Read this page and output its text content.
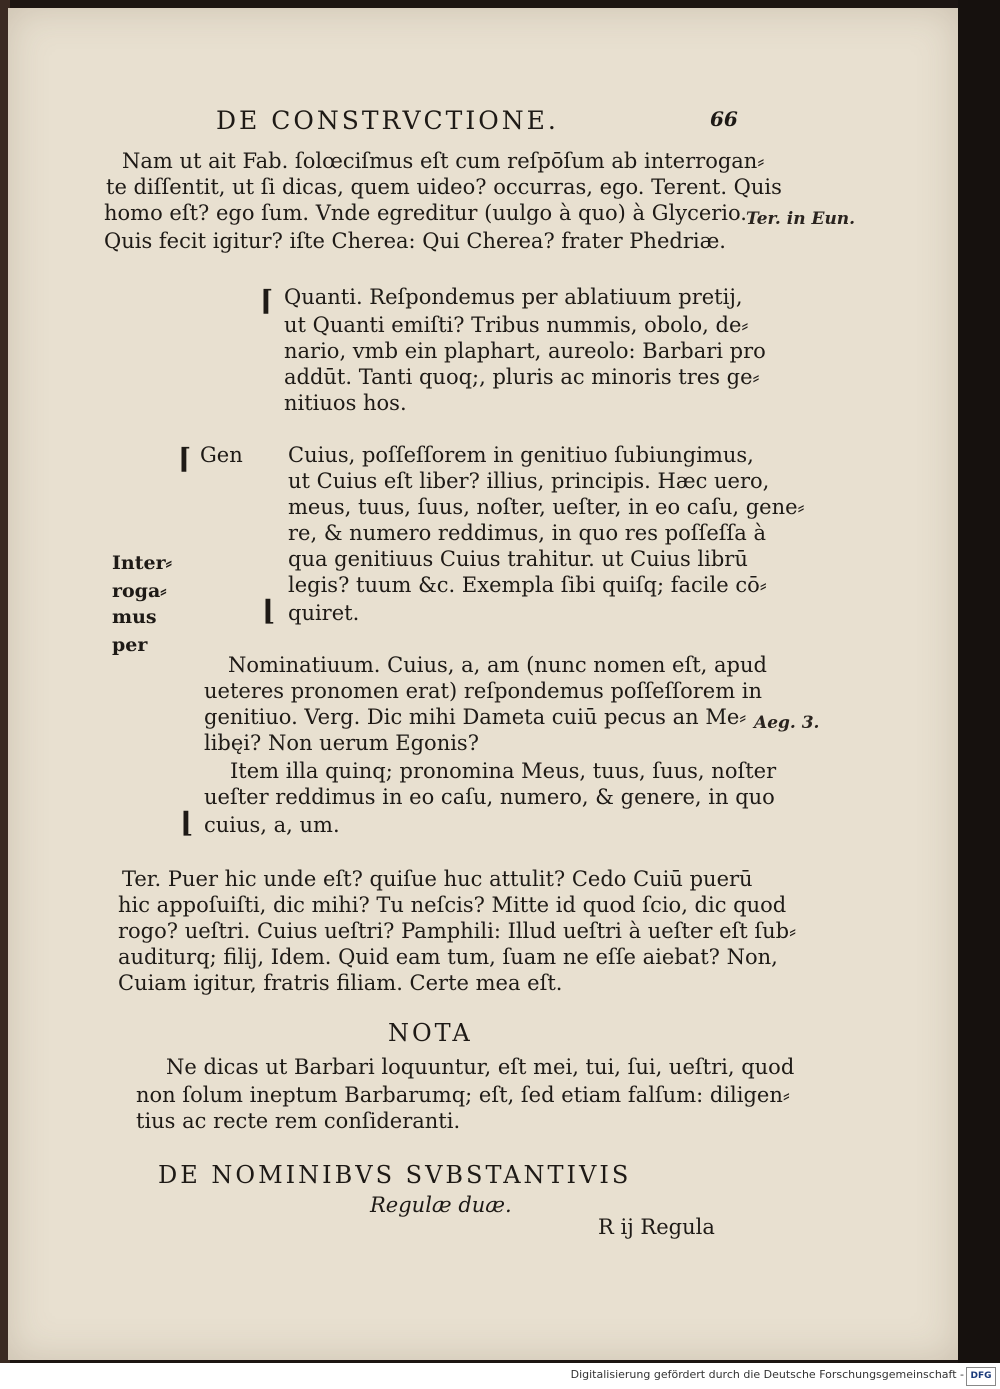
DE CONSTRVCTIONE.	66
Nam ut ait Fab. ſolœciſmus eſt cum reſpōſum ab interrogan⸗
te diſſentit, ut ſi dicas, quem uideo? occurras, ego. Terent. Quis
homo eſt? ego ſum. Vnde egreditur (uulgo à quo) à Glycerio.
Quis fecit igitur? iſte Cherea: Qui Cherea? frater Phedriæ.
Ter. in Eun.
⌈ Quanti. Reſpondemus per ablatiuum pretij,
ut Quanti emiſti? Tribus nummis, obolo, de⸗
nario, vmb ein plaphart, aureolo: Barbari pro
addūt. Tanti quoq;, pluris ac minoris tres ge⸗
nitiuos hos.
⌈ Gen
Inter⸗
roga⸗
mus
per
Cuius, poſſeſſorem in genitiuo ſubiungimus,
ut Cuius eſt liber? illius, principis. Hæc uero,
meus, tuus, ſuus, noſter, ueſter, in eo caſu, gene⸗
re, & numero reddimus, in quo res poſſeſſa à
qua genitiuus Cuius trahitur. ut Cuius librū
legis? tuum &c. Exempla ſibi quiſq; facile cō⸗
⌊ quiret.
Nominatiuum. Cuius, a, am (nunc nomen eſt, apud
ueteres pronomen erat) reſpondemus poſſeſſorem in
genitiuo. Verg. Dic mihi Dameta cuiū pecus an Me⸗
libęi? Non uerum Egonis?
Item illa quinq; pronomina Meus, tuus, ſuus, noſter
ueſter reddimus in eo caſu, numero, & genere, in quo
⌊ cuius, a, um.
Aeg. 3.
Ter. Puer hic unde eſt? quiſue huc attulit? Cedo Cuiū puerū
hic appoſuiſti, dic mihi? Tu neſcis? Mitte id quod ſcio, dic quod
rogo? ueſtri. Cuius ueſtri? Pamphili: Illud ueſtri à ueſter eſt ſub⸗
auditurq; filij, Idem. Quid eam tum, ſuam ne eſſe aiebat? Non,
Cuiam igitur, fratris filiam. Certe mea eſt.
NOTA
Ne dicas ut Barbari loquuntur, eſt mei, tui, ſui, ueſtri, quod
non ſolum ineptum Barbarumq; eſt, ſed etiam falſum: diligen⸗
tius ac recte rem conſideranti.
DE NOMINIBVS SVBSTANTIVIS
Regulæ duæ.
R ij Regula
Digitalisierung gefördert durch die Deutsche Forschungsgemeinschaft - DFG
